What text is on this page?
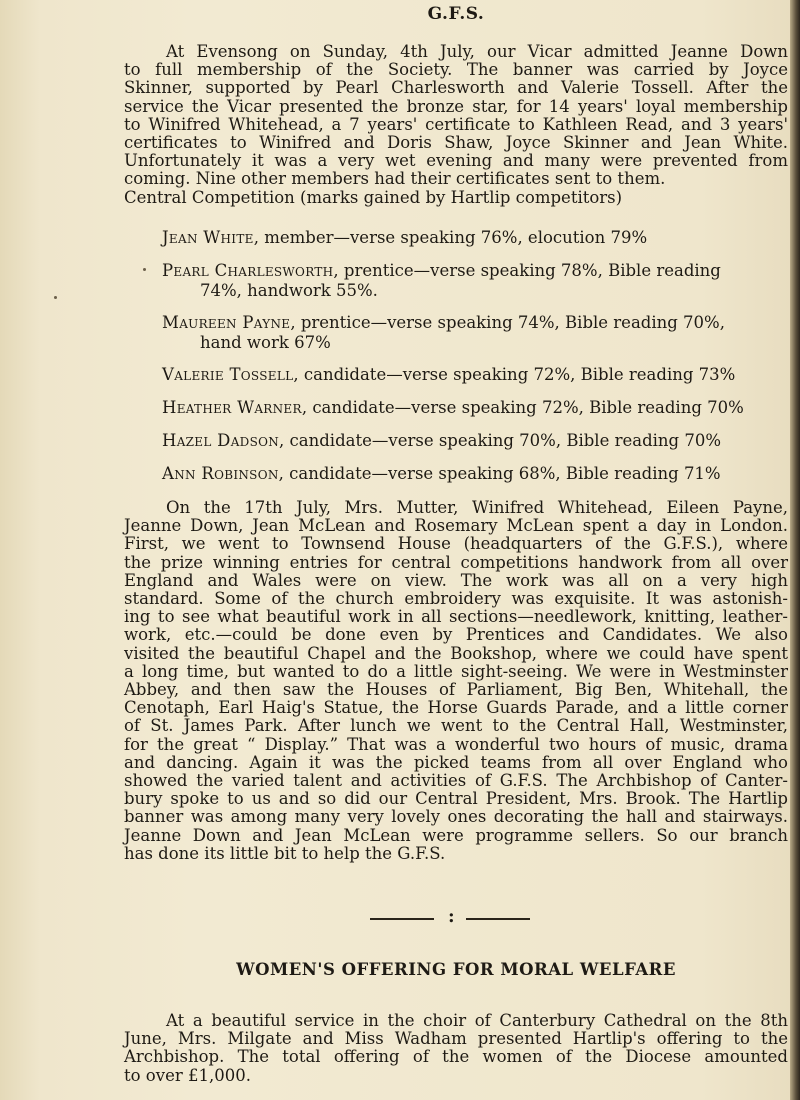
G.F.S.
At Evensong on Sunday, 4th July, our Vicar admitted Jeanne Down
to full membership of the Society. The banner was carried by Joyce
Skinner, supported by Pearl Charlesworth and Valerie Tossell. After the
service the Vicar presented the bronze star, for 14 years' loyal membership
to Winifred Whitehead, a 7 years' certificate to Kathleen Read, and 3 years'
certificates to Winifred and Doris Shaw, Joyce Skinner and Jean White.
Unfortunately it was a very wet evening and many were prevented from
coming. Nine other members had their certificates sent to them.
Central Competition (marks gained by Hartlip competitors)
Jean White, member—verse speaking 76%, elocution 79%
Pearl Charlesworth, prentice—verse speaking 78%, Bible reading
74%, handwork 55%.
Maureen Payne, prentice—verse speaking 74%, Bible reading 70%,
hand work 67%
Valerie Tossell, candidate—verse speaking 72%, Bible reading 73%
Heather Warner, candidate—verse speaking 72%, Bible reading 70%
Hazel Dadson, candidate—verse speaking 70%, Bible reading 70%
Ann Robinson, candidate—verse speaking 68%, Bible reading 71%
On the 17th July, Mrs. Mutter, Winifred Whitehead, Eileen Payne,
Jeanne Down, Jean McLean and Rosemary McLean spent a day in London.
First, we went to Townsend House (headquarters of the G.F.S.), where
the prize winning entries for central competitions handwork from all over
England and Wales were on view. The work was all on a very high
standard. Some of the church embroidery was exquisite. It was astonish-
ing to see what beautiful work in all sections—needlework, knitting, leather-
work, etc.—could be done even by Prentices and Candidates. We also
visited the beautiful Chapel and the Bookshop, where we could have spent
a long time, but wanted to do a little sight-seeing. We were in Westminster
Abbey, and then saw the Houses of Parliament, Big Ben, Whitehall, the
Cenotaph, Earl Haig's Statue, the Horse Guards Parade, and a little corner
of St. James Park. After lunch we went to the Central Hall, Westminster,
for the great “ Display.” That was a wonderful two hours of music, drama
and dancing. Again it was the picked teams from all over England who
showed the varied talent and activities of G.F.S. The Archbishop of Canter-
bury spoke to us and so did our Central President, Mrs. Brook. The Hartlip
banner was among many very lovely ones decorating the hall and stairways.
Jeanne Down and Jean McLean were programme sellers. So our branch
has done its little bit to help the G.F.S.
:
WOMEN'S OFFERING FOR MORAL WELFARE
At a beautiful service in the choir of Canterbury Cathedral on the 8th
June, Mrs. Milgate and Miss Wadham presented Hartlip's offering to the
Archbishop. The total offering of the women of the Diocese amounted
to over £1,000.
